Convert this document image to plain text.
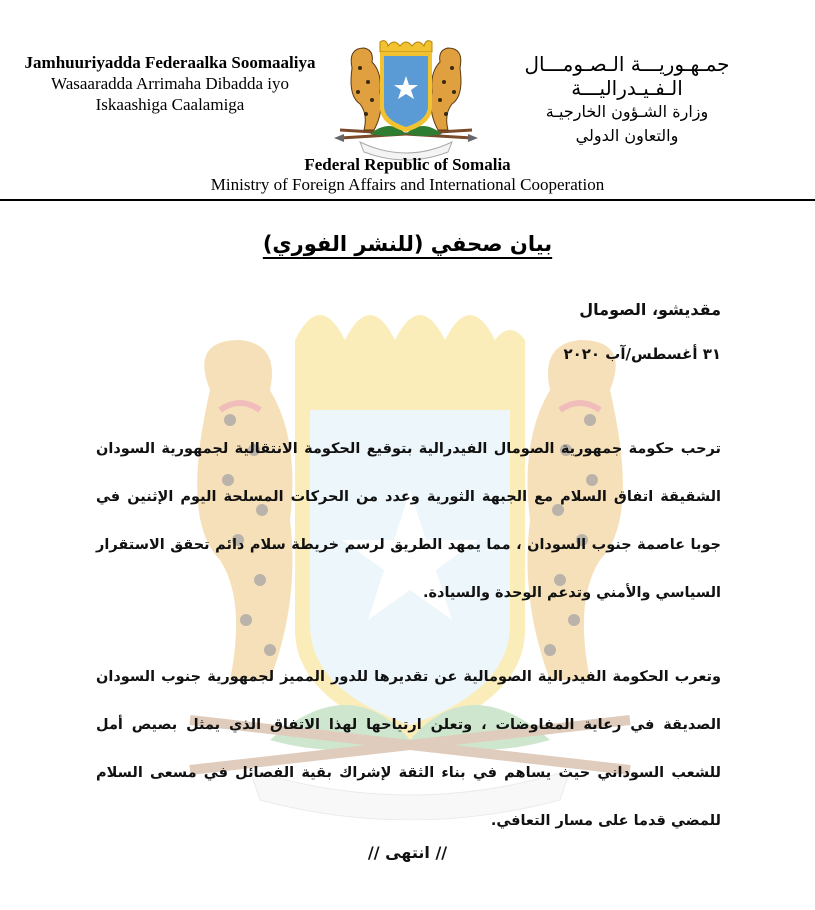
Jamhuuriyadda Federaalka Soomaaliya
Wasaaradda Arrimaha Dibadda iyo
Iskaashiga Caalamiga
جمـهـوريـــة الـصـومـــال الـفـيـدراليـــة
وزارة الشـؤون الخارجيـة
والتعاون الدولي
Federal Republic of Somalia
Ministry of Foreign Affairs and International Cooperation
بيان صحفي (للنشر الفوري)
مقديشو، الصومال
٣١ أغسطس/آب ٢٠٢٠
ترحب حكومة جمهورية الصومال الفيدرالية بتوقيع الحكومة الانتقالية لجمهورية السودان الشقيقة اتفاق السلام مع الجبهة الثورية وعدد من الحركات المسلحة اليوم الإثنين في جوبا عاصمة جنوب السودان ، مما يمهد الطريق لرسم خريطة سلام دائم تحقق الاستقرار السياسي والأمني وتدعم الوحدة والسيادة.
وتعرب الحكومة الفيدرالية الصومالية عن تقديرها للدور المميز لجمهورية جنوب السودان الصديقة في رعاية المفاوضات ، وتعلن ارتياحها لهذا الاتفاق الذي يمثل بصيص أمل للشعب السوداني حيث يساهم في بناء الثقة لإشراك بقية الفصائل في مسعى السلام للمضي قدما على مسار التعافي.
// انتهى //
